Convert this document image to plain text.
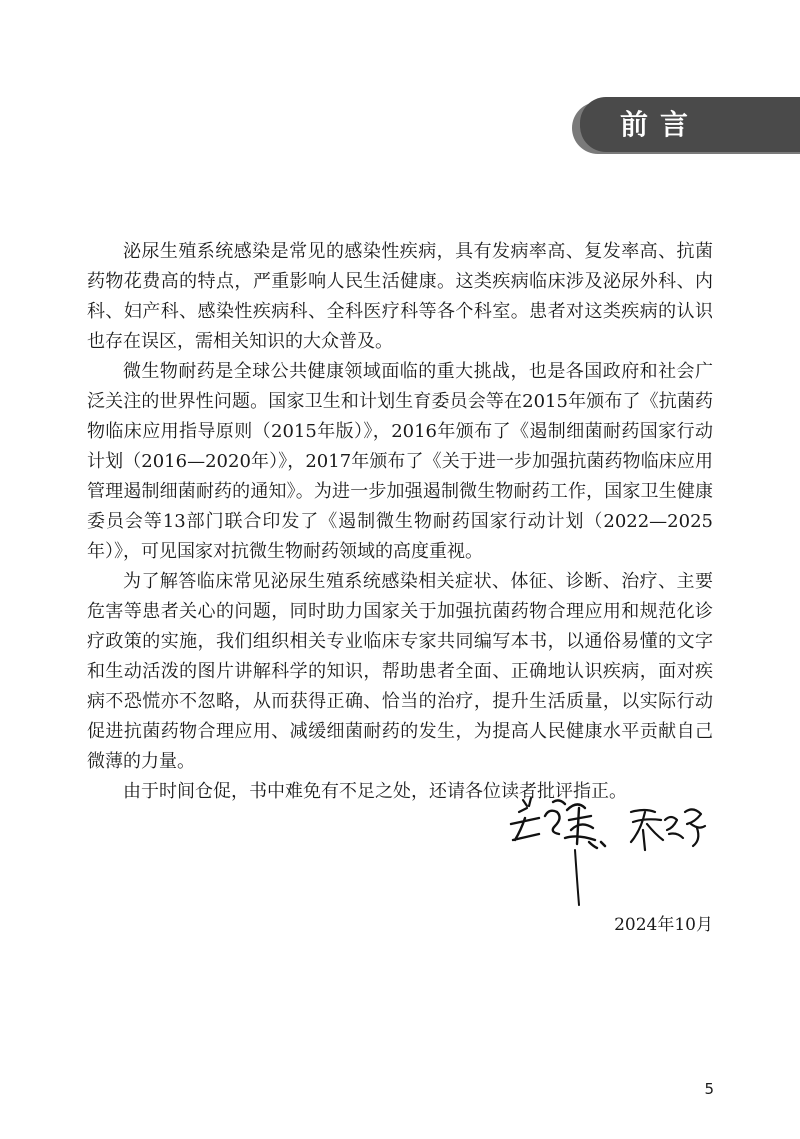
前言

泌尿生殖系统感染是常见的感染性疾病，具有发病率高、复发率高、抗菌药物花费高的特点，严重影响人民生活健康。这类疾病临床涉及泌尿外科、内科、妇产科、感染性疾病科、全科医疗科等各个科室。患者对这类疾病的认识也存在误区，需相关知识的大众普及。

微生物耐药是全球公共健康领域面临的重大挑战，也是各国政府和社会广泛关注的世界性问题。国家卫生和计划生育委员会等在2015年颁布了《抗菌药物临床应用指导原则（2015年版）》，2016年颁布了《遏制细菌耐药国家行动计划（2016—2020年）》，2017年颁布了《关于进一步加强抗菌药物临床应用管理遏制细菌耐药的通知》。为进一步加强遏制微生物耐药工作，国家卫生健康委员会等13部门联合印发了《遏制微生物耐药国家行动计划（2022—2025年）》，可见国家对抗微生物耐药领域的高度重视。

为了解答临床常见泌尿生殖系统感染相关症状、体征、诊断、治疗、主要危害等患者关心的问题，同时助力国家关于加强抗菌药物合理应用和规范化诊疗政策的实施，我们组织相关专业临床专家共同编写本书，以通俗易懂的文字和生动活泼的图片讲解科学的知识，帮助患者全面、正确地认识疾病，面对疾病不恐慌亦不忽略，从而获得正确、恰当的治疗，提升生活质量，以实际行动促进抗菌药物合理应用、减缓细菌耐药的发生，为提高人民健康水平贡献自己微薄的力量。

由于时间仓促，书中难免有不足之处，还请各位读者批评指正。

2024年10月
5
